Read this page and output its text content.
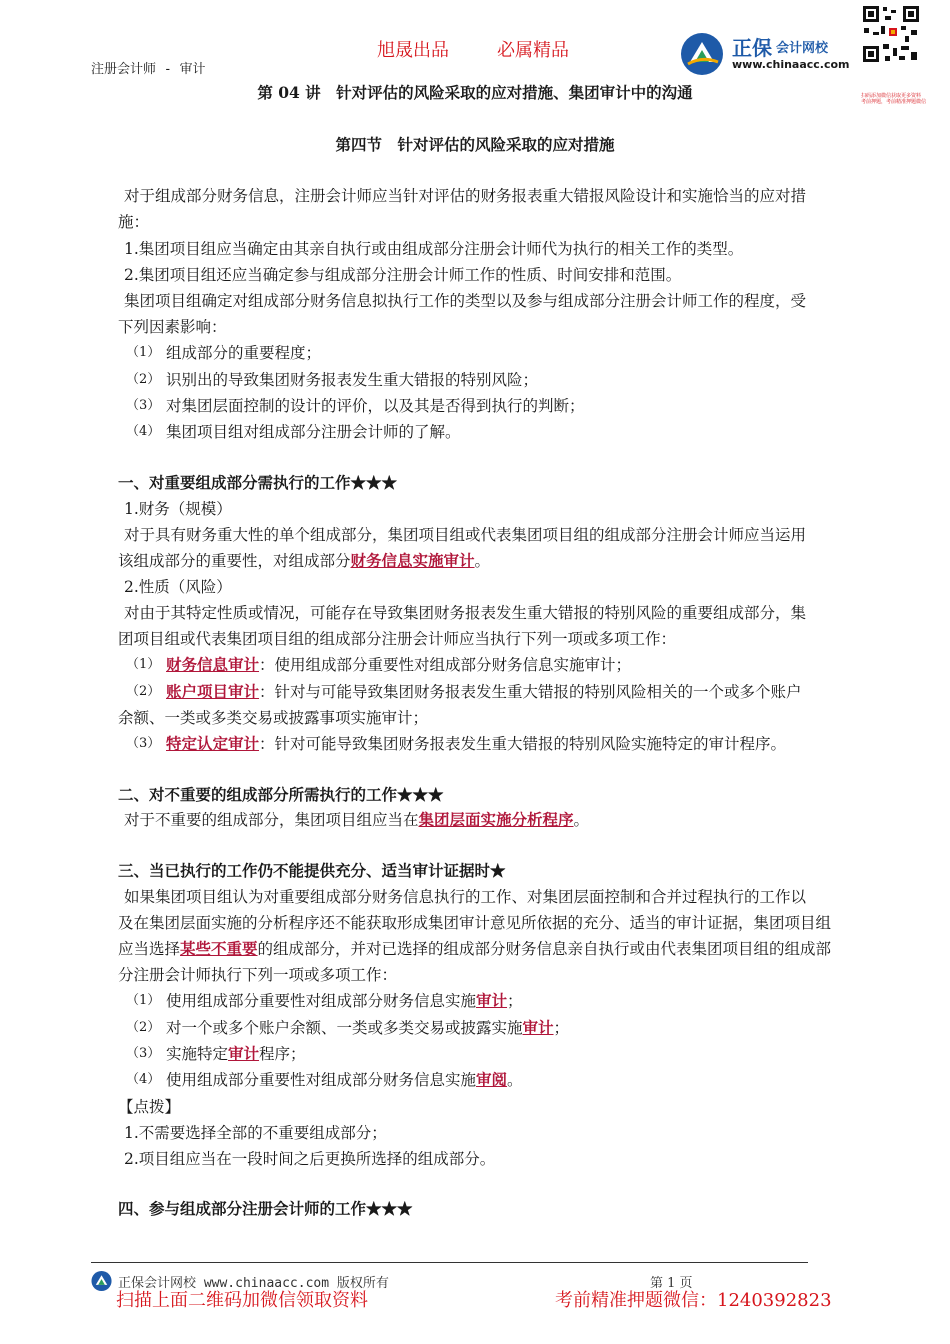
注册会计师 - 审计
旭晟出品	必属精品	正保 会计网校
www.chinaacc.com
扫码添加微信获取更多资料
考前押题，考前精准押题微信
第 04 讲　针对评估的风险采取的应对措施、集团审计中的沟通
第四节　针对评估的风险采取的应对措施
对于组成部分财务信息，注册会计师应当针对评估的财务报表重大错报风险设计和实施恰当的应对措
施：
1.集团项目组应当确定由其亲自执行或由组成部分注册会计师代为执行的相关工作的类型。
2.集团项目组还应当确定参与组成部分注册会计师工作的性质、时间安排和范围。
集团项目组确定对组成部分财务信息拟执行工作的类型以及参与组成部分注册会计师工作的程度，受
下列因素影响：
（1） 组成部分的重要程度；
（2） 识别出的导致集团财务报表发生重大错报的特别风险；
（3） 对集团层面控制的设计的评价，以及其是否得到执行的判断；
（4） 集团项目组对组成部分注册会计师的了解。
一、对重要组成部分需执行的工作★★★
1.财务（规模）
对于具有财务重大性的单个组成部分，集团项目组或代表集团项目组的组成部分注册会计师应当运用
该组成部分的重要性，对组成部分财务信息实施审计。
2.性质（风险）
对由于其特定性质或情况，可能存在导致集团财务报表发生重大错报的特别风险的重要组成部分，集
团项目组或代表集团项目组的组成部分注册会计师应当执行下列一项或多项工作：
（1） 财务信息审计：使用组成部分重要性对组成部分财务信息实施审计；
（2） 账户项目审计：针对与可能导致集团财务报表发生重大错报的特别风险相关的一个或多个账户
余额、一类或多类交易或披露事项实施审计；
（3） 特定认定审计：针对可能导致集团财务报表发生重大错报的特别风险实施特定的审计程序。
二、对不重要的组成部分所需执行的工作★★★
对于不重要的组成部分，集团项目组应当在集团层面实施分析程序。
三、当已执行的工作仍不能提供充分、适当审计证据时★
如果集团项目组认为对重要组成部分财务信息执行的工作、对集团层面控制和合并过程执行的工作以
及在集团层面实施的分析程序还不能获取形成集团审计意见所依据的充分、适当的审计证据，集团项目组
应当选择某些不重要的组成部分，并对已选择的组成部分财务信息亲自执行或由代表集团项目组的组成部
分注册会计师执行下列一项或多项工作：
（1） 使用组成部分重要性对组成部分财务信息实施审计；
（2） 对一个或多个账户余额、一类或多类交易或披露实施审计；
（3） 实施特定审计程序；
（4） 使用组成部分重要性对组成部分财务信息实施审阅。
【点拨】
1.不需要选择全部的不重要组成部分；
2.项目组应当在一段时间之后更换所选择的组成部分。
四、参与组成部分注册会计师的工作★★★
正保会计网校 www.chinaacc.com 版权所有	第 1 页
扫描上面二维码加微信领取资料	考前精准押题微信：1240392823
